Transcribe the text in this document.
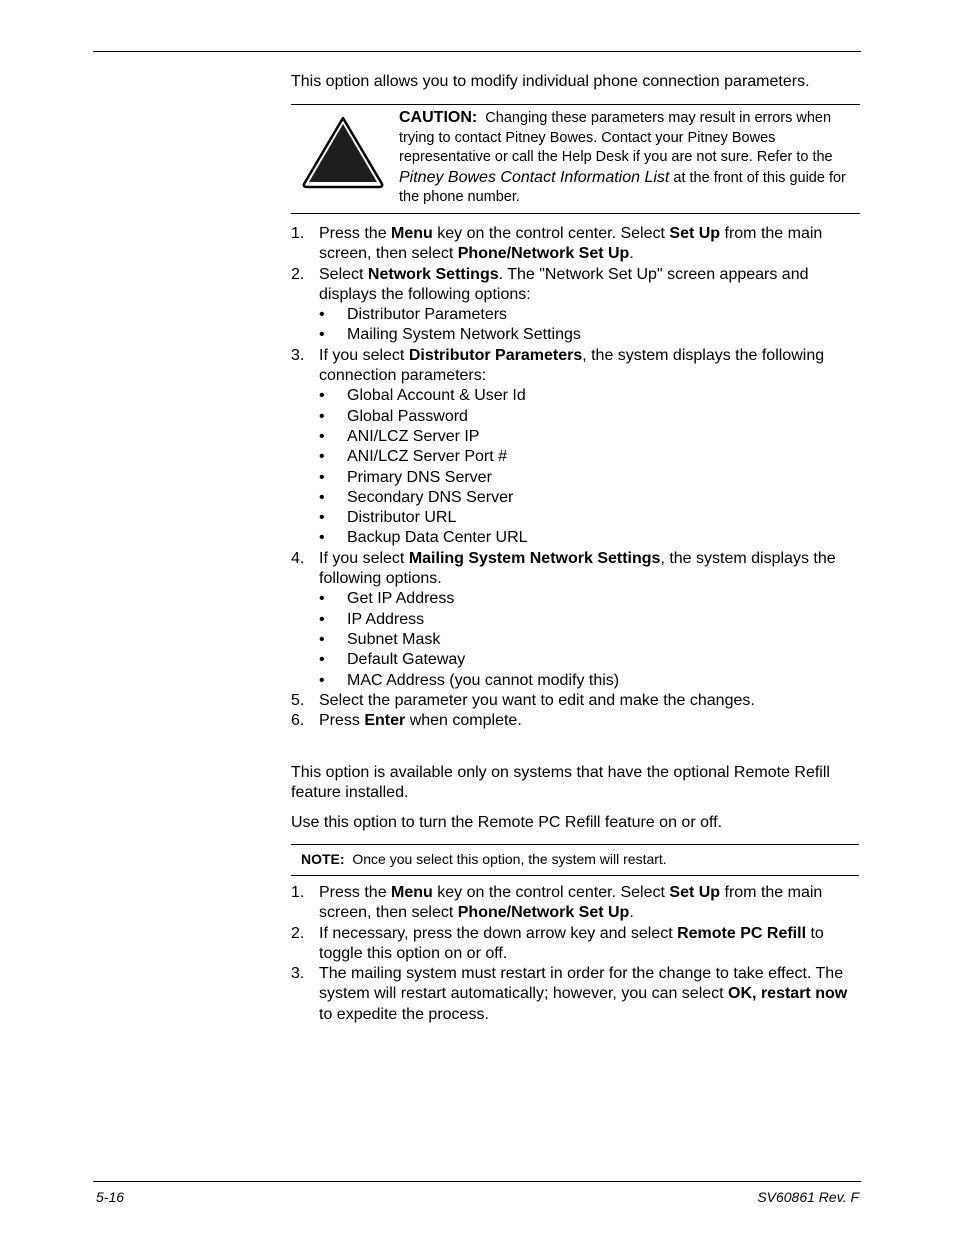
This option allows you to modify individual phone connection parameters.
CAUTION: Changing these parameters may result in errors when trying to contact Pitney Bowes. Contact your Pitney Bowes representative or call the Help Desk if you are not sure. Refer to the Pitney Bowes Contact Information List at the front of this guide for the phone number.
1. Press the Menu key on the control center. Select Set Up from the main screen, then select Phone/Network Set Up.
2. Select Network Settings. The "Network Set Up" screen appears and displays the following options:
• Distributor Parameters
• Mailing System Network Settings
3. If you select Distributor Parameters, the system displays the following connection parameters:
• Global Account & User Id
• Global Password
• ANI/LCZ Server IP
• ANI/LCZ Server Port #
• Primary DNS Server
• Secondary DNS Server
• Distributor URL
• Backup Data Center URL
4. If you select Mailing System Network Settings, the system displays the following options.
• Get IP Address
• IP Address
• Subnet Mask
• Default Gateway
• MAC Address (you cannot modify this)
5. Select the parameter you want to edit and make the changes.
6. Press Enter when complete.
This option is available only on systems that have the optional Remote Refill feature installed.
Use this option to turn the Remote PC Refill feature on or off.
NOTE: Once you select this option, the system will restart.
1. Press the Menu key on the control center. Select Set Up from the main screen, then select Phone/Network Set Up.
2. If necessary, press the down arrow key and select Remote PC Refill to toggle this option on or off.
3. The mailing system must restart in order for the change to take effect. The system will restart automatically; however, you can select OK, restart now to expedite the process.
5-16	SV60861 Rev. F
